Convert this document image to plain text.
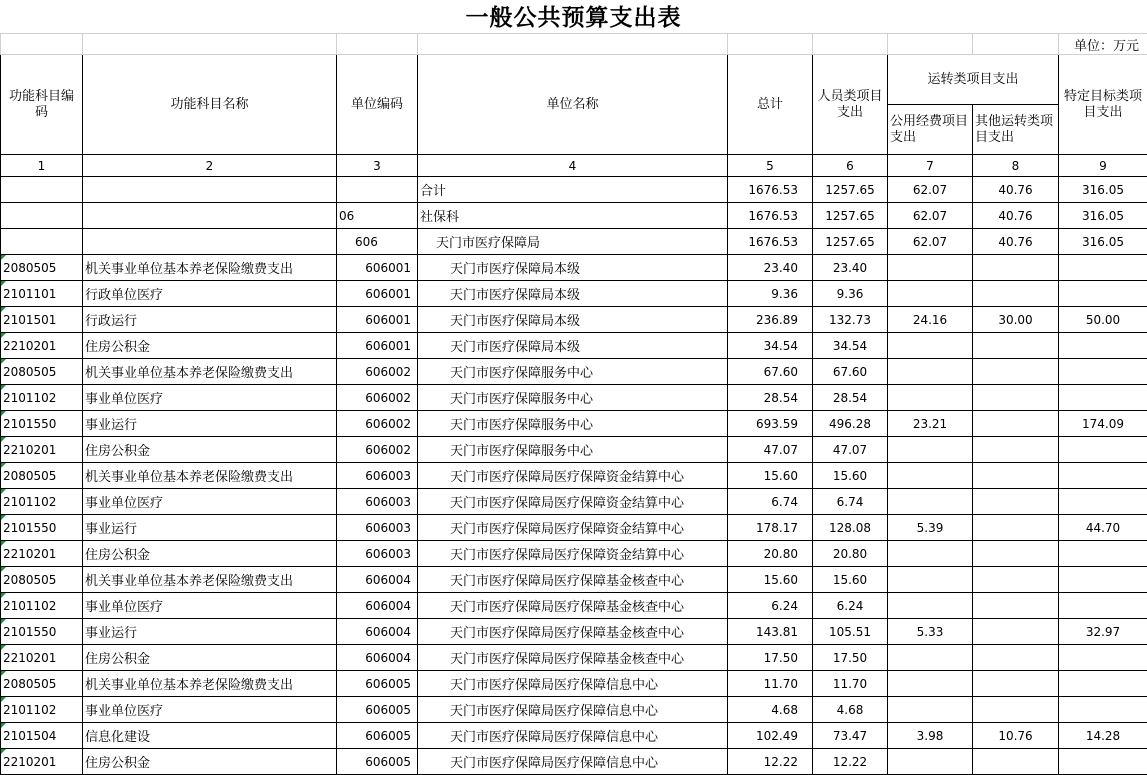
一般公共预算支出表
								单位：万元
功能科目编码	功能科目名称	单位编码	单位名称	总计	人员类项目支出	运转类项目支出		特定目标类项目支出
						公用经费项目支出	其他运转类项目支出	
1	2	3	4	5	6	7	8	9
			合计	1676.53	1257.65	62.07	40.76	316.05
		06	社保科	1676.53	1257.65	62.07	40.76	316.05
		606	天门市医疗保障局	1676.53	1257.65	62.07	40.76	316.05

2080505	机关事业单位基本养老保险缴费支出	606001	天门市医疗保障局本级	23.40	23.40			

2101101	行政单位医疗	606001	天门市医疗保障局本级	9.36	9.36			

2101501	行政运行	606001	天门市医疗保障局本级	236.89	132.73	24.16	30.00	50.00

2210201	住房公积金	606001	天门市医疗保障局本级	34.54	34.54			

2080505	机关事业单位基本养老保险缴费支出	606002	天门市医疗保障服务中心	67.60	67.60			

2101102	事业单位医疗	606002	天门市医疗保障服务中心	28.54	28.54			

2101550	事业运行	606002	天门市医疗保障服务中心	693.59	496.28	23.21		174.09

2210201	住房公积金	606002	天门市医疗保障服务中心	47.07	47.07			

2080505	机关事业单位基本养老保险缴费支出	606003	天门市医疗保障局医疗保障资金结算中心	15.60	15.60			

2101102	事业单位医疗	606003	天门市医疗保障局医疗保障资金结算中心	6.74	6.74			

2101550	事业运行	606003	天门市医疗保障局医疗保障资金结算中心	178.17	128.08	5.39		44.70

2210201	住房公积金	606003	天门市医疗保障局医疗保障资金结算中心	20.80	20.80			

2080505	机关事业单位基本养老保险缴费支出	606004	天门市医疗保障局医疗保障基金核查中心	15.60	15.60			

2101102	事业单位医疗	606004	天门市医疗保障局医疗保障基金核查中心	6.24	6.24			

2101550	事业运行	606004	天门市医疗保障局医疗保障基金核查中心	143.81	105.51	5.33		32.97

2210201	住房公积金	606004	天门市医疗保障局医疗保障基金核查中心	17.50	17.50			

2080505	机关事业单位基本养老保险缴费支出	606005	天门市医疗保障局医疗保障信息中心	11.70	11.70			

2101102	事业单位医疗	606005	天门市医疗保障局医疗保障信息中心	4.68	4.68			

2101504	信息化建设	606005	天门市医疗保障局医疗保障信息中心	102.49	73.47	3.98	10.76	14.28

2210201	住房公积金	606005	天门市医疗保障局医疗保障信息中心	12.22	12.22			
